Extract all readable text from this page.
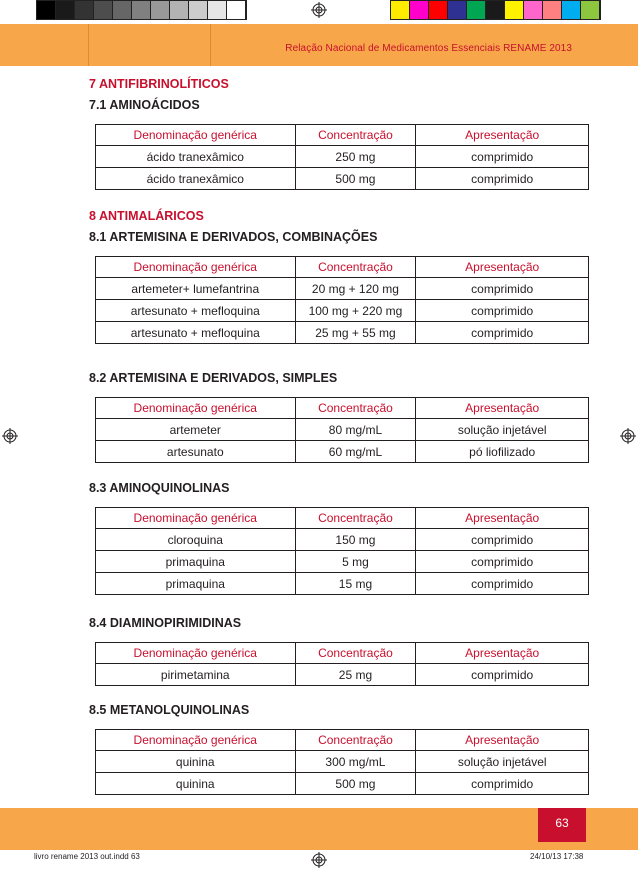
Relação Nacional de Medicamentos Essenciais RENAME 2013

7 ANTIFIBRINOLÍTICOS

7.1 AMINOÁCIDOS

Denominação genérica	Concentração	Apresentação
ácido tranexâmico	250 mg	comprimido
ácido tranexâmico	500 mg	comprimido

8 ANTIMALÁRICOS

8.1 ARTEMISINA E DERIVADOS, COMBINAÇÕES

Denominação genérica	Concentração	Apresentação
artemeter+ lumefantrina	20 mg + 120 mg	comprimido
artesunato + mefloquina	100 mg + 220 mg	comprimido
artesunato + mefloquina	25 mg + 55 mg	comprimido

8.2 ARTEMISINA E DERIVADOS, SIMPLES

Denominação genérica	Concentração	Apresentação
artemeter	80 mg/mL	solução injetável
artesunato	60 mg/mL	pó liofilizado

8.3 AMINOQUINOLINAS

Denominação genérica	Concentração	Apresentação
cloroquina	150 mg	comprimido
primaquina	5 mg	comprimido
primaquina	15 mg	comprimido

8.4 DIAMINOPIRIMIDINAS

Denominação genérica	Concentração	Apresentação
pirimetamina	25 mg	comprimido

8.5 METANOLQUINOLINAS

Denominação genérica	Concentração	Apresentação
quinina	300 mg/mL	solução injetável
quinina	500 mg	comprimido
63
livro rename 2013 out.indd 63	24/10/13 17:38
